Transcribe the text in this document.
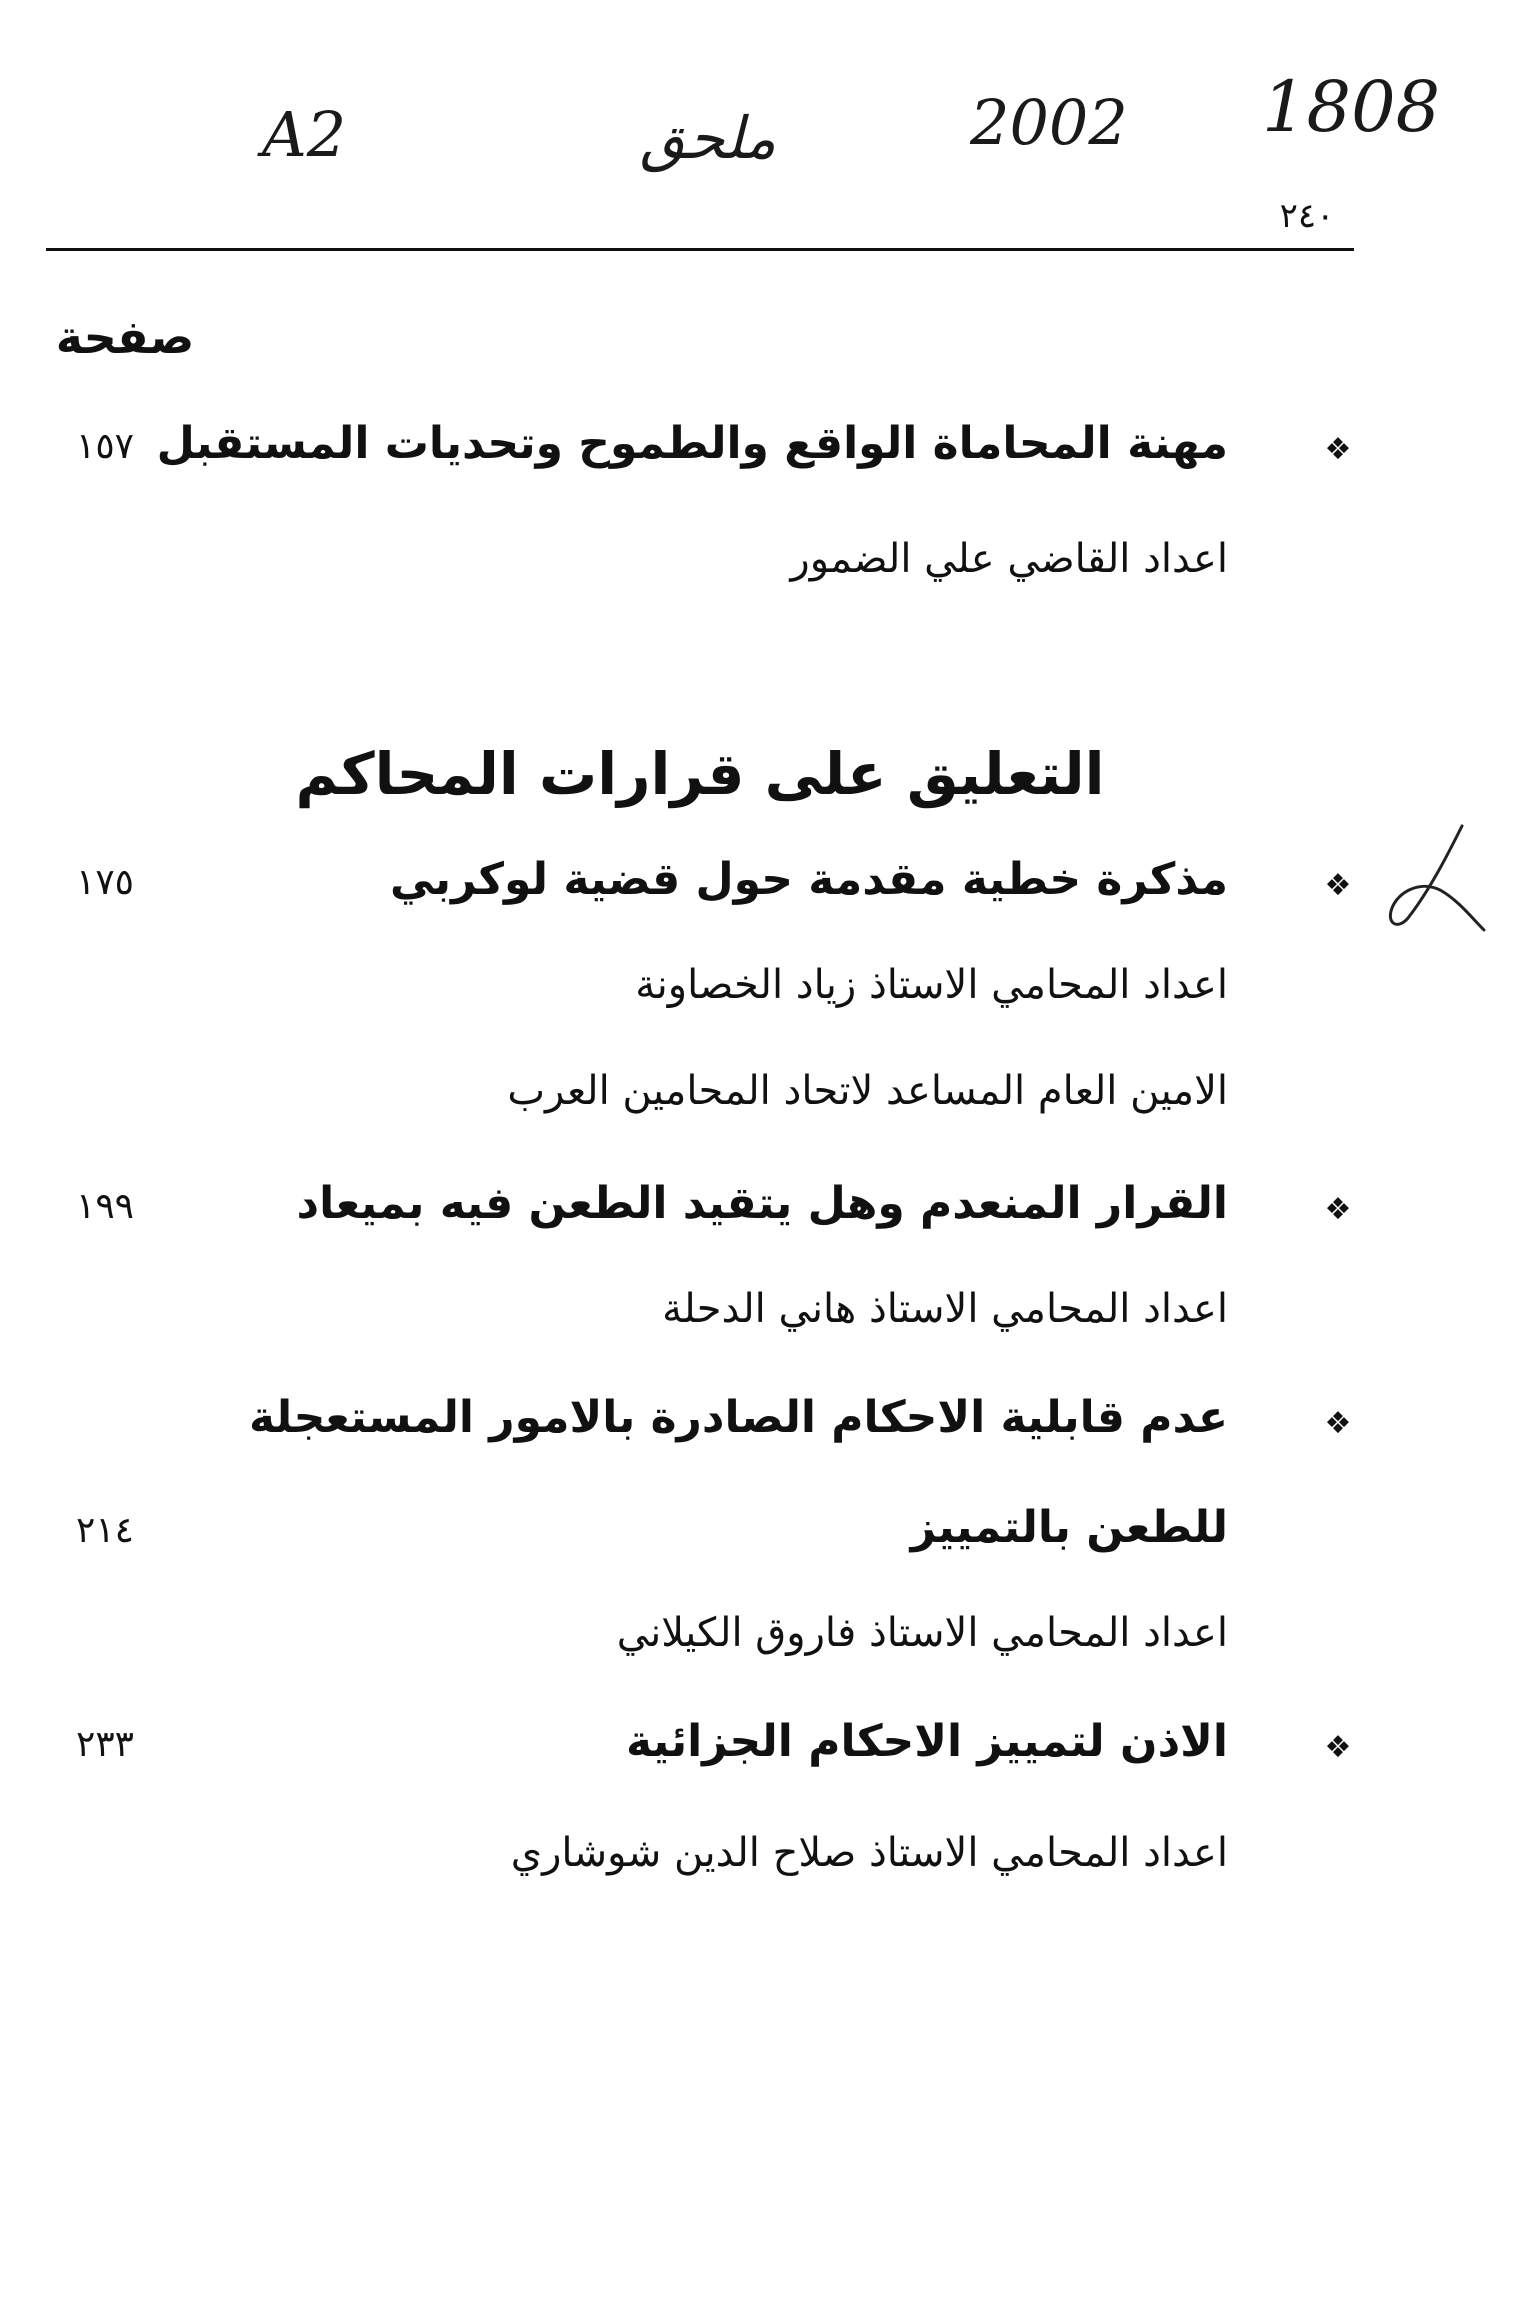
A2	ملحق	2002 1808
٢٤٠
صفحة
❖
مهنة المحاماة الواقع والطموح وتحديات المستقبل
١٥٧
اعداد القاضي علي الضمور
التعليق على قرارات المحاكم
❖
مذكرة خطية مقدمة حول قضية لوكربي
١٧٥
اعداد المحامي الاستاذ زياد الخصاونة
الامين العام المساعد لاتحاد المحامين العرب
❖
القرار المنعدم وهل يتقيد الطعن فيه بميعاد
١٩٩
اعداد المحامي الاستاذ هاني الدحلة
❖
عدم قابلية الاحكام الصادرة بالامور المستعجلة
للطعن بالتمييز
٢١٤
اعداد المحامي الاستاذ فاروق الكيلاني
❖
الاذن لتمييز الاحكام الجزائية
٢٣٣
اعداد المحامي الاستاذ صلاح الدين شوشاري
